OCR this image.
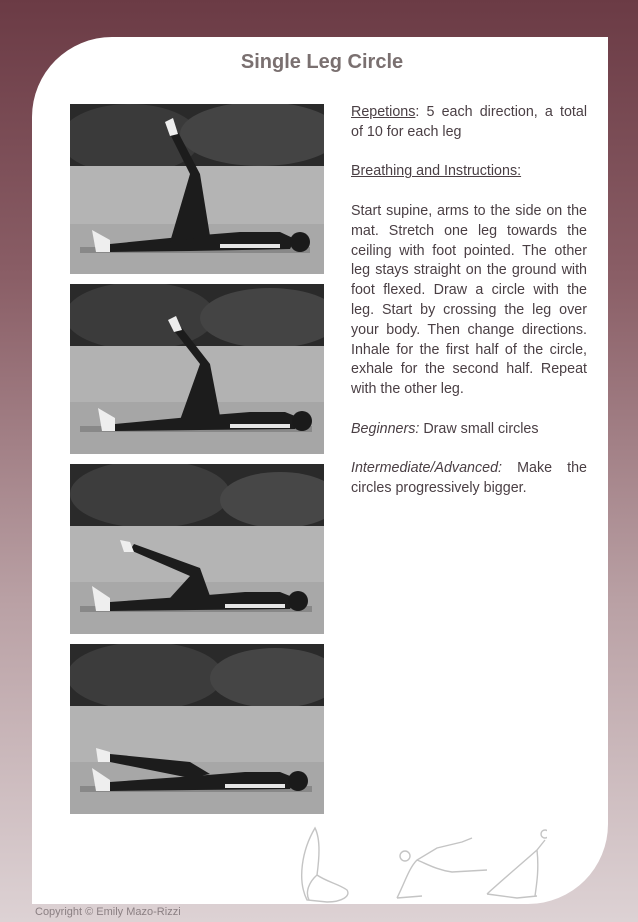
Single Leg Circle

Repetions: 5 each direction, a total of 10 for each leg

Breathing and Instructions:

Start supine, arms to the side on the mat. Stretch one leg towards the ceiling with foot pointed. The other leg stays straight on the ground with foot flexed. Draw a circle with the leg. Start by crossing the leg over your body. Then change directions. Inhale for the first half of the circle, exhale for the second half. Repeat with the other leg.

Beginners: Draw small circles

Intermediate/Advanced: Make the circles progressively bigger.

Copyright © Emily Mazo-Rizzi
